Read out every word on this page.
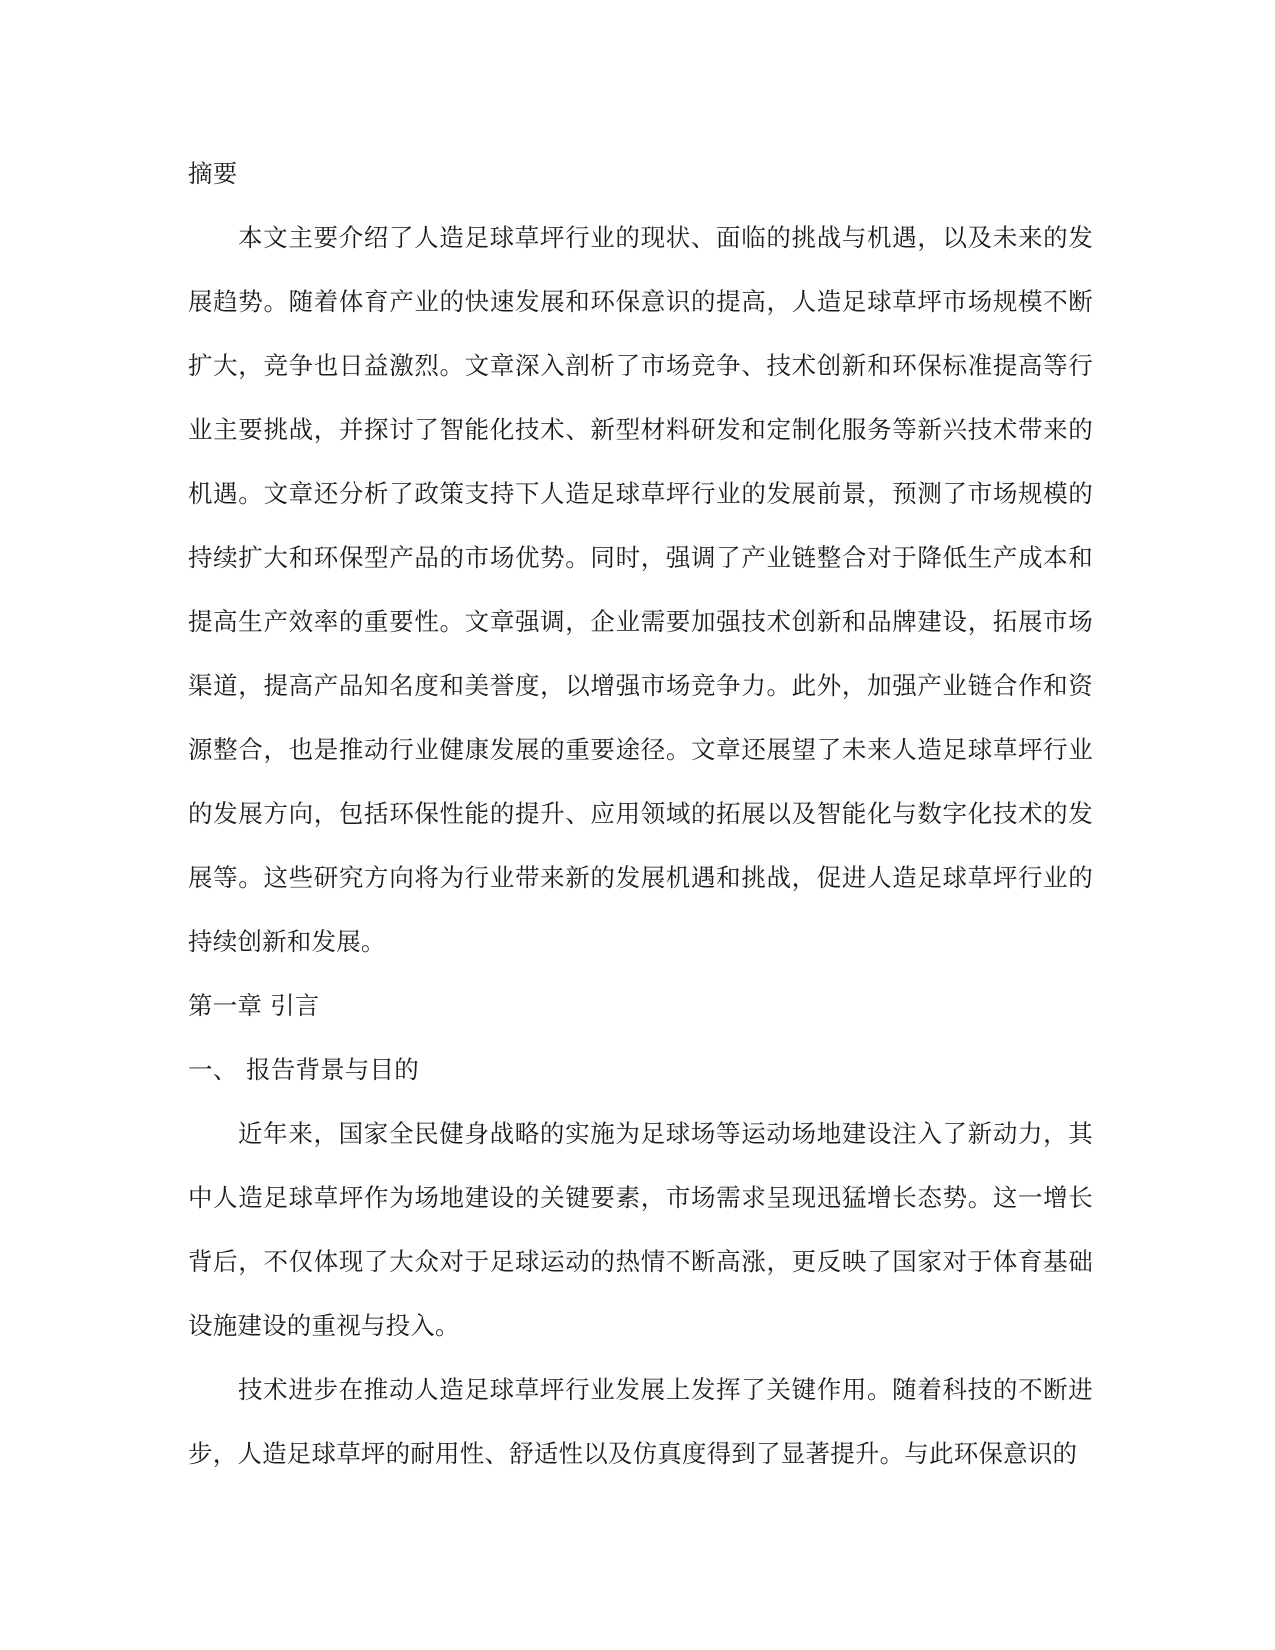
摘要

本文主要介绍了人造足球草坪行业的现状、面临的挑战与机遇，以及未来的发展趋势。随着体育产业的快速发展和环保意识的提高，人造足球草坪市场规模不断扩大，竞争也日益激烈。文章深入剖析了市场竞争、技术创新和环保标准提高等行业主要挑战，并探讨了智能化技术、新型材料研发和定制化服务等新兴技术带来的机遇。文章还分析了政策支持下人造足球草坪行业的发展前景，预测了市场规模的持续扩大和环保型产品的市场优势。同时，强调了产业链整合对于降低生产成本和提高生产效率的重要性。文章强调，企业需要加强技术创新和品牌建设，拓展市场渠道，提高产品知名度和美誉度，以增强市场竞争力。此外，加强产业链合作和资源整合，也是推动行业健康发展的重要途径。文章还展望了未来人造足球草坪行业的发展方向，包括环保性能的提升、应用领域的拓展以及智能化与数字化技术的发展等。这些研究方向将为行业带来新的发展机遇和挑战，促进人造足球草坪行业的持续创新和发展。

第一章 引言

一、 报告背景与目的

近年来，国家全民健身战略的实施为足球场等运动场地建设注入了新动力，其中人造足球草坪作为场地建设的关键要素，市场需求呈现迅猛增长态势。这一增长背后，不仅体现了大众对于足球运动的热情不断高涨，更反映了国家对于体育基础设施建设的重视与投入。

技术进步在推动人造足球草坪行业发展上发挥了关键作用。随着科技的不断进步，人造足球草坪的耐用性、舒适性以及仿真度得到了显著提升。与此环保意识的
